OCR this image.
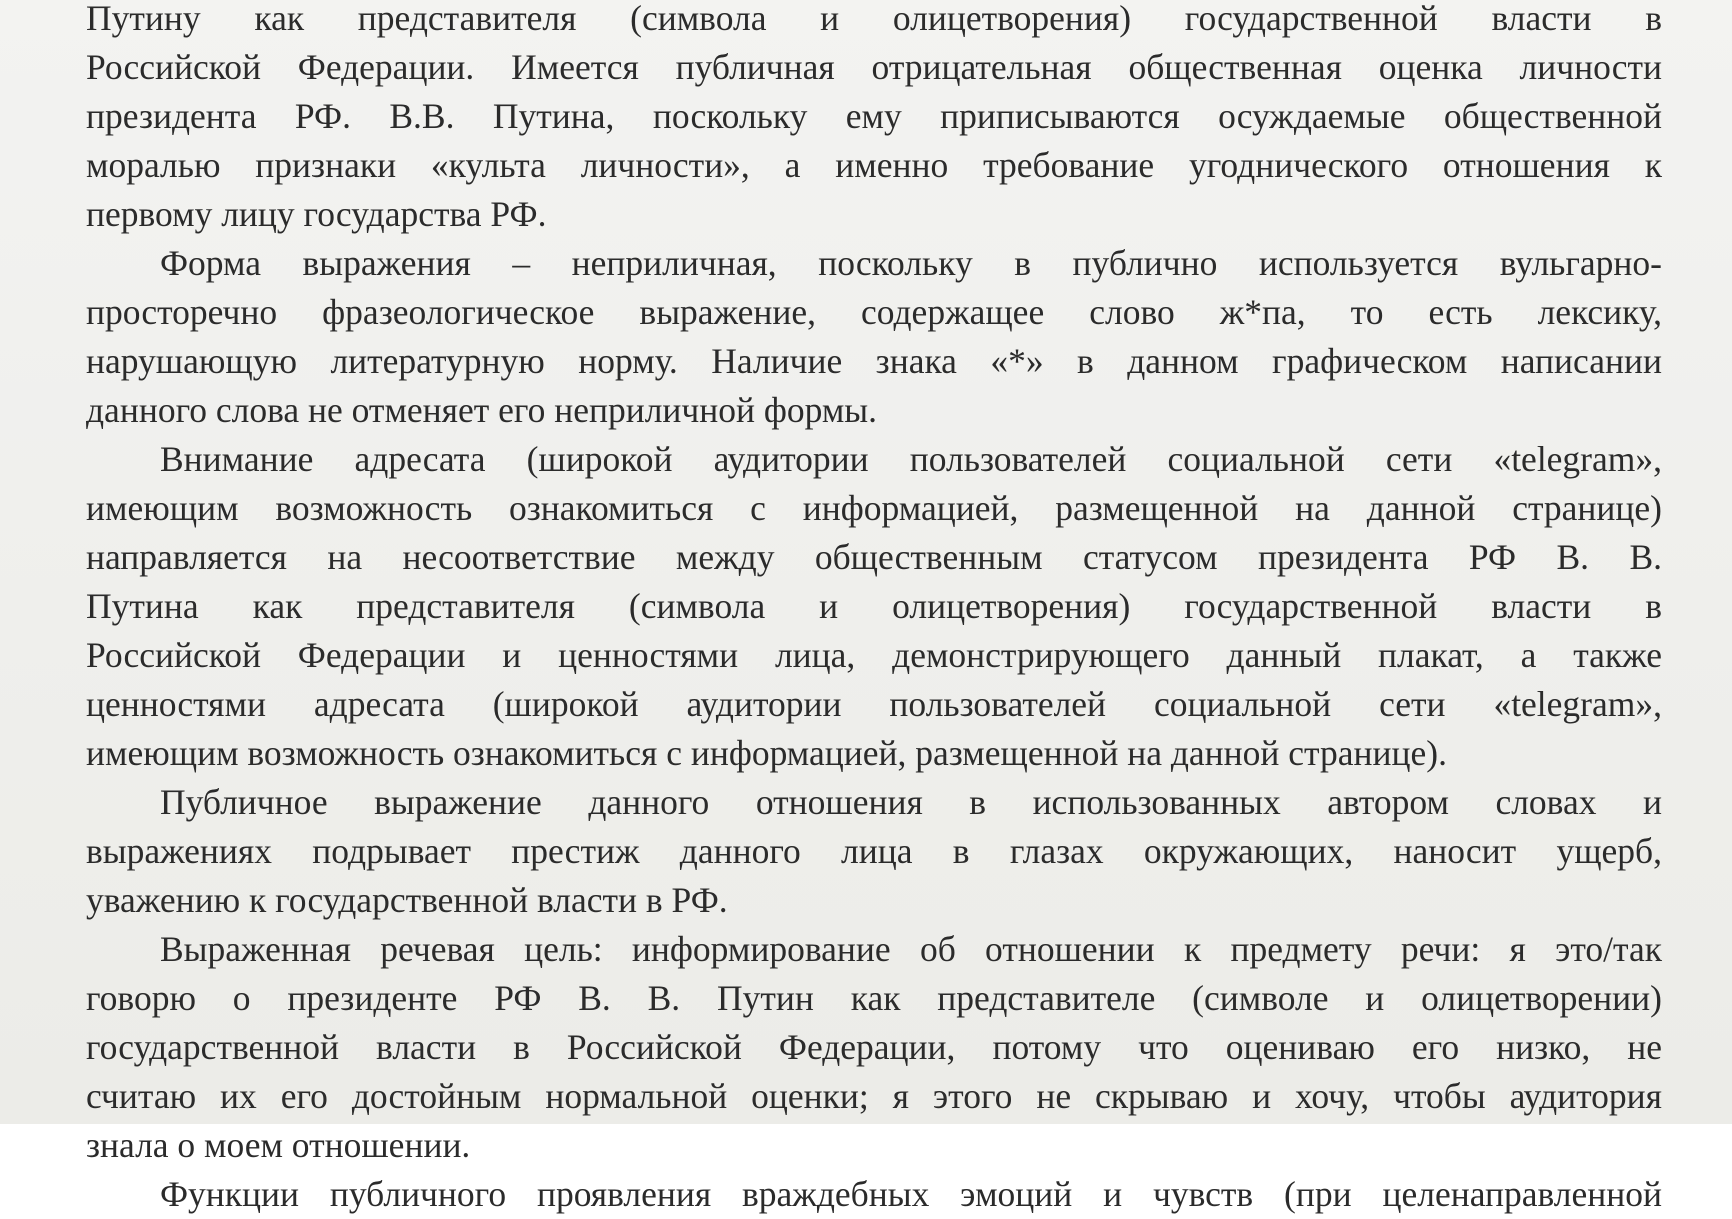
Путину как представителя (символа и олицетворения) государственной власти в
Российской Федерации. Имеется публичная отрицательная общественная оценка личности
президента РФ. В.В. Путина, поскольку ему приписываются осуждаемые общественной
моралью признаки «культа личности», а именно требование угоднического отношения к
первому лицу государства РФ.
Форма выражения – неприличная, поскольку в публично используется вульгарно-
просторечно фразеологическое выражение, содержащее слово ж*па, то есть лексику,
нарушающую литературную норму. Наличие знака «*» в данном графическом написании
данного слова не отменяет его неприличной формы.
Внимание адресата (широкой аудитории пользователей социальной сети «telegram»,
имеющим возможность ознакомиться с информацией, размещенной на данной странице)
направляется на несоответствие между общественным статусом президента РФ В. В.
Путина как представителя (символа и олицетворения) государственной власти в
Российской Федерации и ценностями лица, демонстрирующего данный плакат, а также
ценностями адресата (широкой аудитории пользователей социальной сети «telegram»,
имеющим возможность ознакомиться с информацией, размещенной на данной странице).
Публичное выражение данного отношения в использованных автором словах и
выражениях подрывает престиж данного лица в глазах окружающих, наносит ущерб,
уважению к государственной власти в РФ.
Выраженная речевая цель: информирование об отношении к предмету речи: я это/так
говорю о президенте РФ В. В. Путин как представителе (символе и олицетворении)
государственной власти в Российской Федерации, потому что оцениваю его низко, не
считаю их его достойным нормальной оценки; я этого не скрываю и хочу, чтобы аудитория
знала о моем отношении.
Функции публичного проявления враждебных эмоций и чувств (при целенаправленной
